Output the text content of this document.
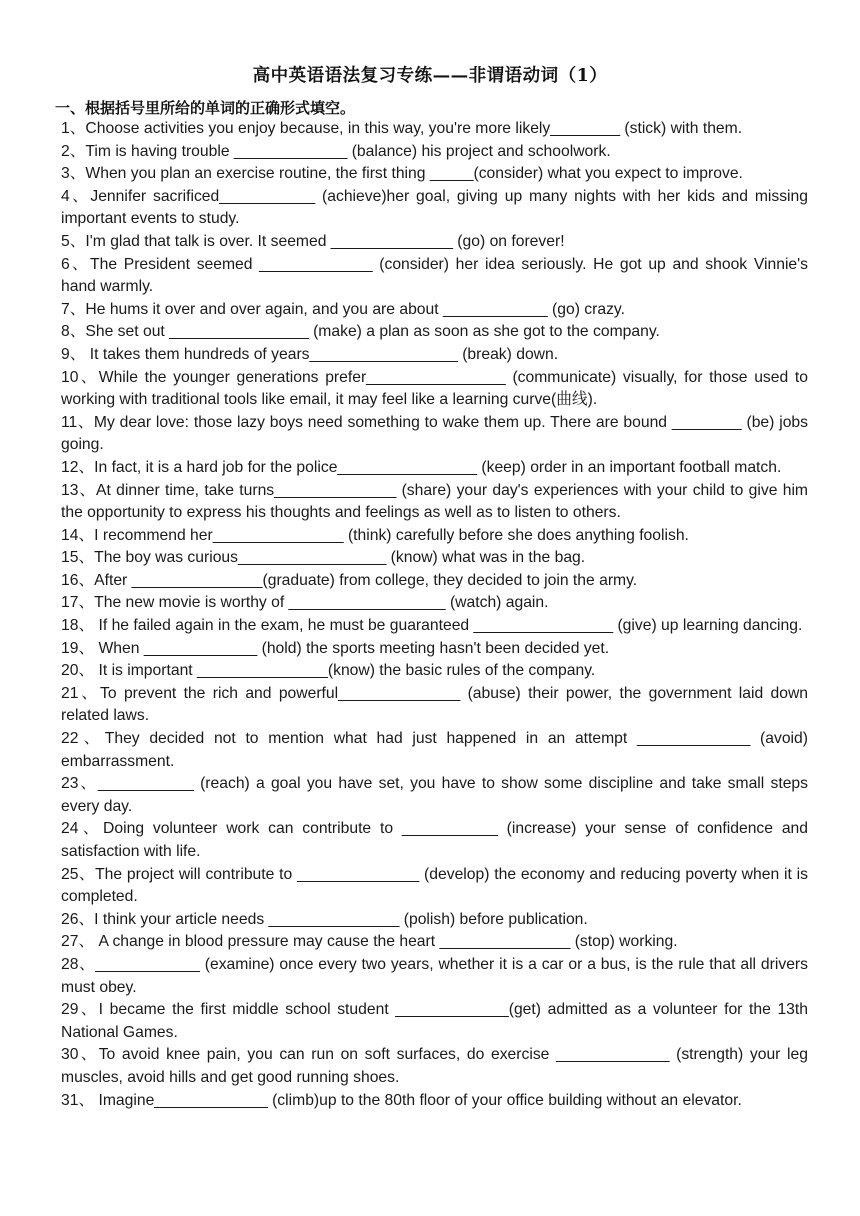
高中英语语法复习专练——非谓语动词（1）
一、根据括号里所给的单词的正确形式填空。

1、Choose activities you enjoy because, in this way, you're more likely________ (stick) with them.

2、Tim is having trouble _____________ (balance) his project and schoolwork.

3、When you plan an exercise routine, the first thing _____(consider) what you expect to improve.

4、Jennifer sacrificed___________ (achieve)her goal, giving up many nights with her kids and missing important events to study.

5、I'm glad that talk is over. It seemed ______________ (go) on forever!

6、The President seemed _____________ (consider) her idea seriously. He got up and shook Vinnie's hand warmly.

7、He hums it over and over again, and you are about ____________ (go) crazy.

8、She set out ________________ (make) a plan as soon as she got to the company.

9、 It takes them hundreds of years_________________ (break) down.

10、While the younger generations prefer________________ (communicate) visually, for those used to working with traditional tools like email, it may feel like a learning curve(曲线).

11、My dear love: those lazy boys need something to wake them up. There are bound ________ (be) jobs going.

12、In fact, it is a hard job for the police________________ (keep) order in an important football match.

13、At dinner time, take turns______________ (share) your day's experiences with your child to give him the opportunity to express his thoughts and feelings as well as to listen to others.

14、I recommend her_______________ (think) carefully before she does anything foolish.

15、The boy was curious_________________ (know) what was in the bag.

16、After _______________(graduate) from college, they decided to join the army.

17、The new movie is worthy of __________________ (watch) again.

18、 If he failed again in the exam, he must be guaranteed ________________ (give) up learning dancing.

19、 When _____________ (hold) the sports meeting hasn't been decided yet.

20、 It is important _______________(know) the basic rules of the company.

21、To prevent the rich and powerful______________ (abuse) their power, the government laid down related laws.

22、They decided not to mention what had just happened in an attempt _____________ (avoid) embarrassment.

23、___________ (reach) a goal you have set, you have to show some discipline and take small steps every day.

24、Doing volunteer work can contribute to ___________ (increase) your sense of confidence and satisfaction with life.

25、The project will contribute to ______________ (develop) the economy and reducing poverty when it is completed.

26、I think your article needs _______________ (polish) before publication.

27、 A change in blood pressure may cause the heart _______________ (stop) working.

28、____________ (examine) once every two years, whether it is a car or a bus, is the rule that all drivers must obey.

29、I became the first middle school student _____________(get) admitted as a volunteer for the 13th National Games.

30、To avoid knee pain, you can run on soft surfaces, do exercise _____________ (strength) your leg muscles, avoid hills and get good running shoes.

31、 Imagine_____________ (climb)up to the 80th floor of your office building without an elevator.
